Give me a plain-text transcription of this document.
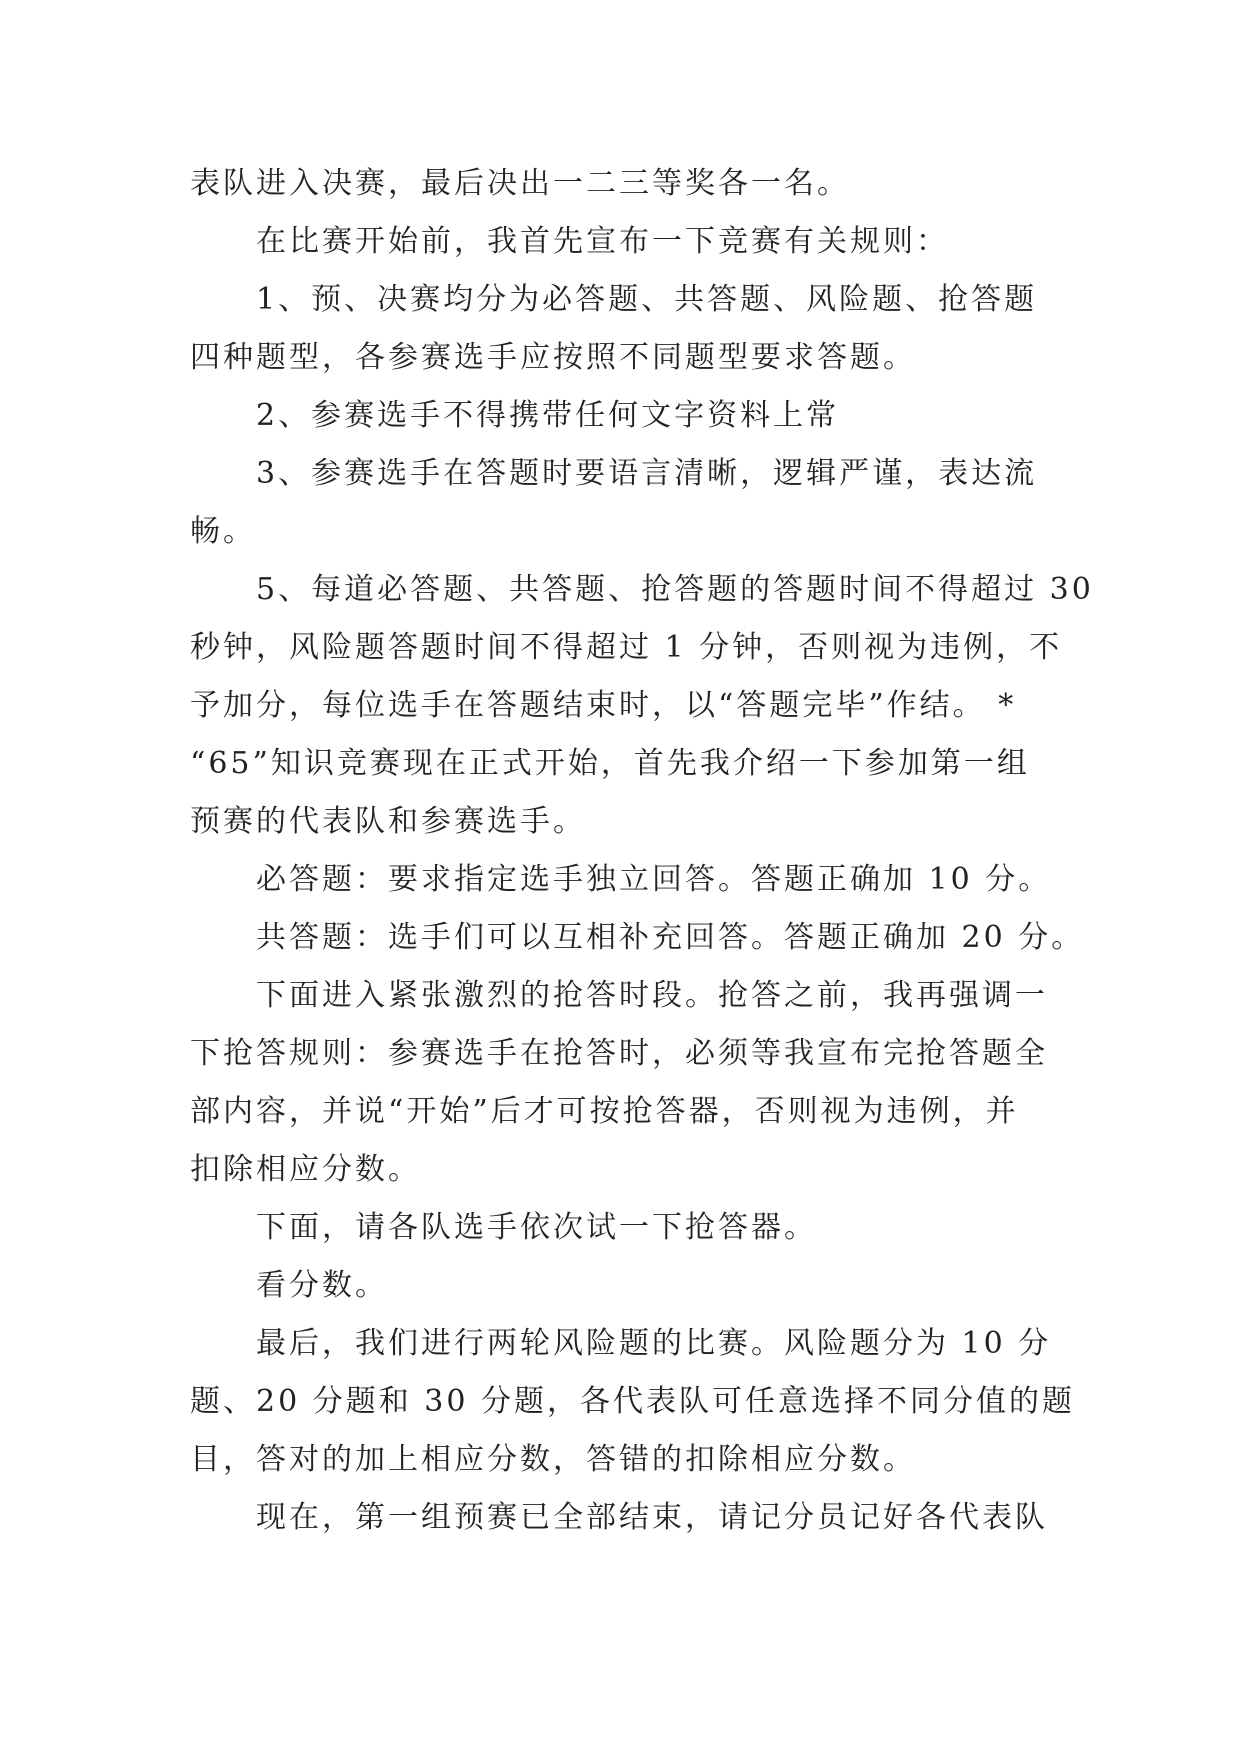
表队进入决赛，最后决出一二三等奖各一名。
在比赛开始前，我首先宣布一下竞赛有关规则：
1、预、决赛均分为必答题、共答题、风险题、抢答题
四种题型，各参赛选手应按照不同题型要求答题。
2、参赛选手不得携带任何文字资料上常
3、参赛选手在答题时要语言清晰，逻辑严谨，表达流
畅。
5、每道必答题、共答题、抢答题的答题时间不得超过 30
秒钟，风险题答题时间不得超过 1 分钟，否则视为违例，不
予加分，每位选手在答题结束时，以“答题完毕”作结。 *
“65”知识竞赛现在正式开始，首先我介绍一下参加第一组
预赛的代表队和参赛选手。
必答题：要求指定选手独立回答。答题正确加 10 分。
共答题：选手们可以互相补充回答。答题正确加 20 分。
下面进入紧张激烈的抢答时段。抢答之前，我再强调一
下抢答规则：参赛选手在抢答时，必须等我宣布完抢答题全
部内容，并说“开始”后才可按抢答器，否则视为违例，并
扣除相应分数。
下面，请各队选手依次试一下抢答器。
看分数。
最后，我们进行两轮风险题的比赛。风险题分为 10 分
题、20 分题和 30 分题，各代表队可任意选择不同分值的题
目，答对的加上相应分数，答错的扣除相应分数。
现在，第一组预赛已全部结束，请记分员记好各代表队
